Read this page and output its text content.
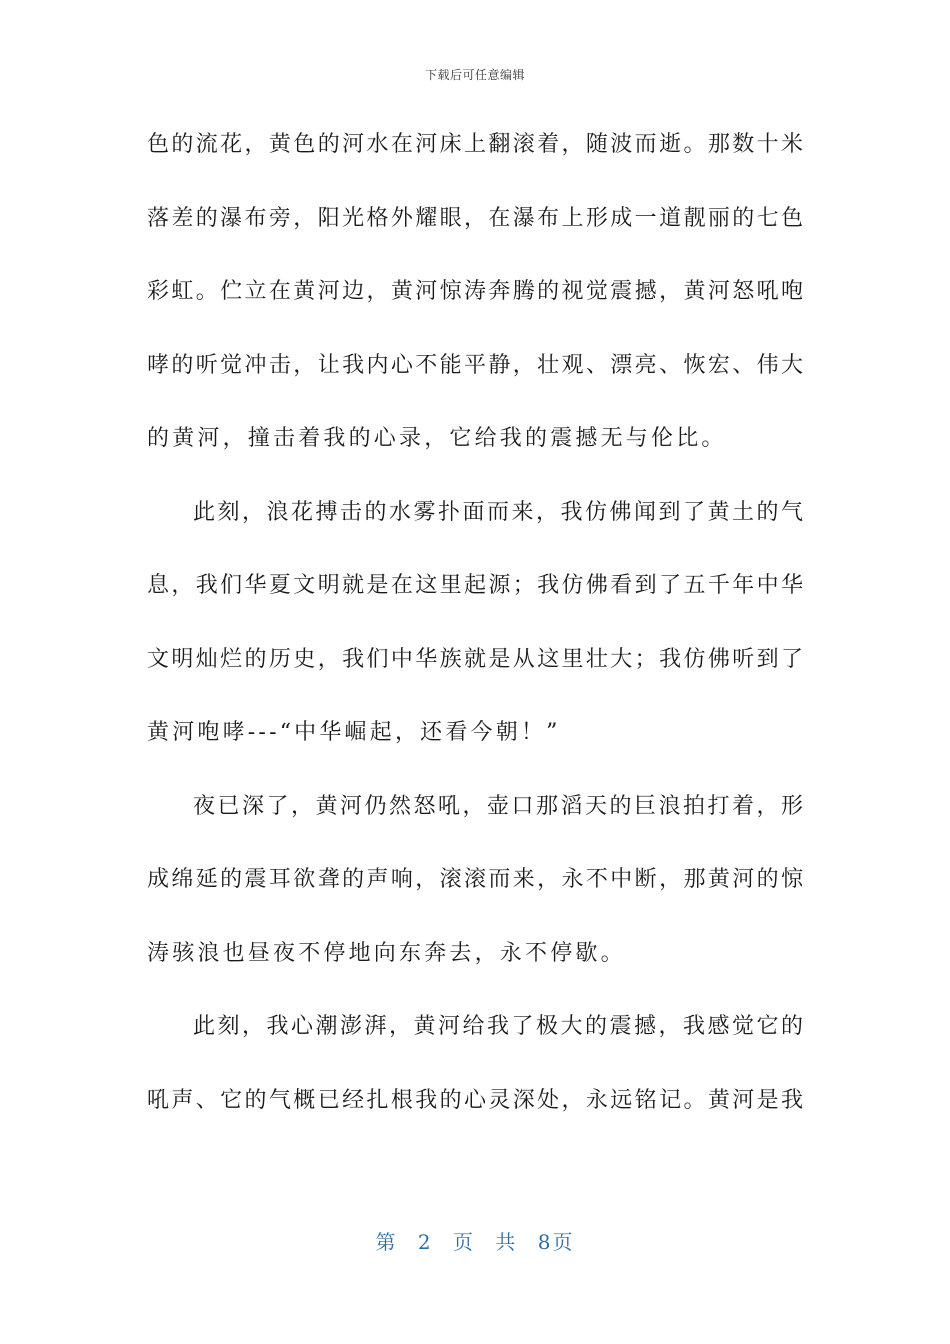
下载后可任意编辑
色的流花，黄色的河水在河床上翻滚着，随波而逝。那数十米
落差的瀑布旁，阳光格外耀眼，在瀑布上形成一道靓丽的七色
彩虹。伫立在黄河边，黄河惊涛奔腾的视觉震撼，黄河怒吼咆
哮的听觉冲击，让我内心不能平静，壮观、漂亮、恢宏、伟大
的黄河，撞击着我的心录，它给我的震撼无与伦比。
此刻，浪花搏击的水雾扑面而来，我仿佛闻到了黄土的气
息，我们华夏文明就是在这里起源；我仿佛看到了五千年中华
文明灿烂的历史，我们中华族就是从这里壮大；我仿佛听到了
黄河咆哮---“中华崛起，还看今朝！”
夜已深了，黄河仍然怒吼，壶口那滔天的巨浪拍打着，形
成绵延的震耳欲聋的声响，滚滚而来，永不中断，那黄河的惊
涛骇浪也昼夜不停地向东奔去，永不停歇。
此刻，我心潮澎湃，黄河给我了极大的震撼，我感觉它的
吼声、它的气概已经扎根我的心灵深处，永远铭记。黄河是我
第 2 页 共 8页
